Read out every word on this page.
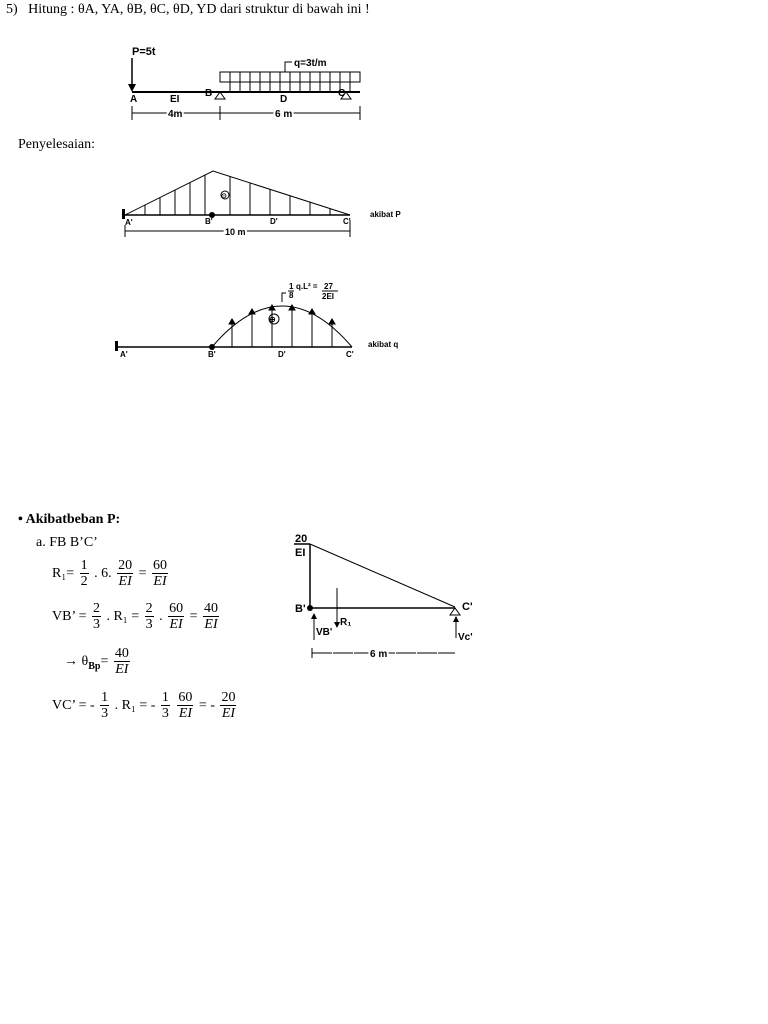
5) Hitung : θA, YA, θB, θC, θD, YD dari struktur di bawah ini !
P=5t
q=3t/m
A	EI
B
D
C
4m	6 m
Penyelesaian:
⊙
A'	B'	D'	C'
10 m
akibat P
⊕
1
8
q.L² = 27
2EI
A'	B'	D'	C'
akibat q
• Akibatbeban P:
a. FB B’C’
$R_1= \frac{1}{2}$ . 6. $\frac{20}{EI} = \frac{60}{EI}$
VB’ = $\frac{2}{3}$ . $R_1 = \frac{2}{3}$ . $\frac{60}{EI} = \frac{40}{EI}$
→ $\theta_{Bp}= \frac{40}{EI}$
VC’ = - $\frac{1}{3}$ . R₁ = - $\frac{1}{3}$
$\frac{60}{EI}$ = - $\frac{20}{EI}$
20
EI
B'	C'
R₁
VB'	Vc'
6 m
